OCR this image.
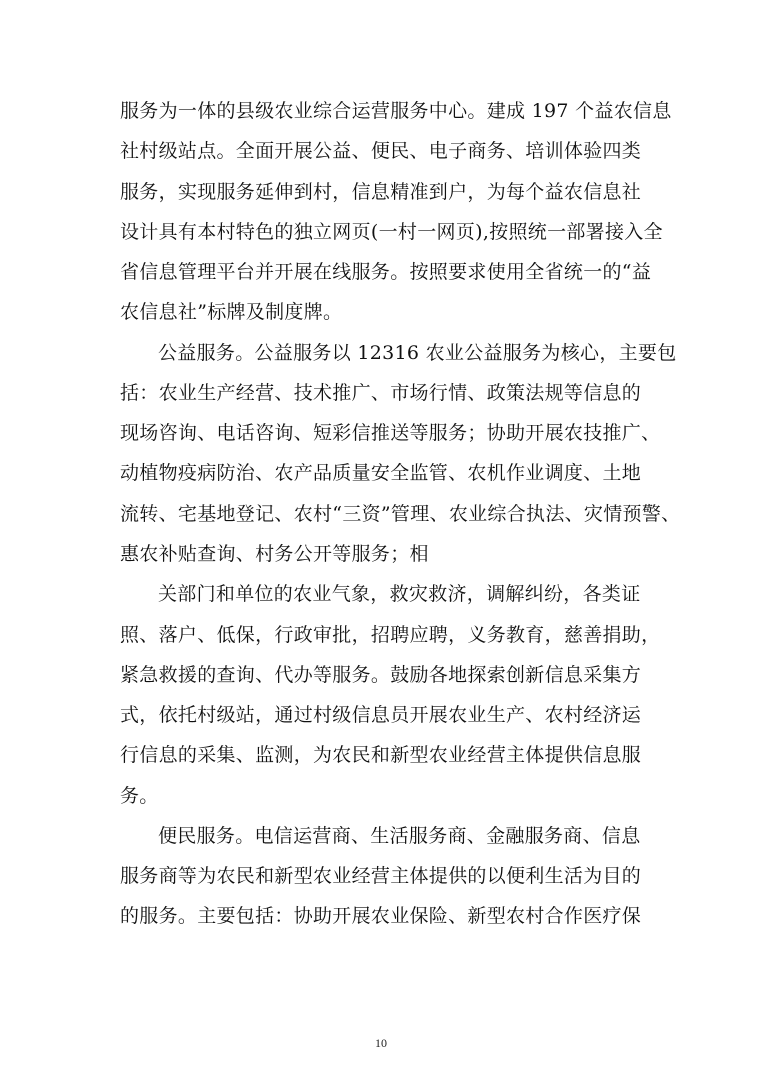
服务为一体的县级农业综合运营服务中心。建成 197 个益农信息
社村级站点。全面开展公益、便民、电子商务、培训体验四类
服务，实现服务延伸到村，信息精准到户，为每个益农信息社
设计具有本村特色的独立网页(一村一网页),按照统一部署接入全
省信息管理平台并开展在线服务。按照要求使用全省统一的“益
农信息社”标牌及制度牌。
公益服务。公益服务以 12316 农业公益服务为核心，主要包
括：农业生产经营、技术推广、市场行情、政策法规等信息的
现场咨询、电话咨询、短彩信推送等服务；协助开展农技推广、
动植物疫病防治、农产品质量安全监管、农机作业调度、土地
流转、宅基地登记、农村“三资”管理、农业综合执法、灾情预警、
惠农补贴查询、村务公开等服务；相
关部门和单位的农业气象，救灾救济，调解纠纷，各类证
照、落户、低保，行政审批，招聘应聘，义务教育，慈善捐助，
紧急救援的查询、代办等服务。鼓励各地探索创新信息采集方
式，依托村级站，通过村级信息员开展农业生产、农村经济运
行信息的采集、监测，为农民和新型农业经营主体提供信息服
务。
便民服务。电信运营商、生活服务商、金融服务商、信息
服务商等为农民和新型农业经营主体提供的以便利生活为目的
的服务。主要包括：协助开展农业保险、新型农村合作医疗保
10
